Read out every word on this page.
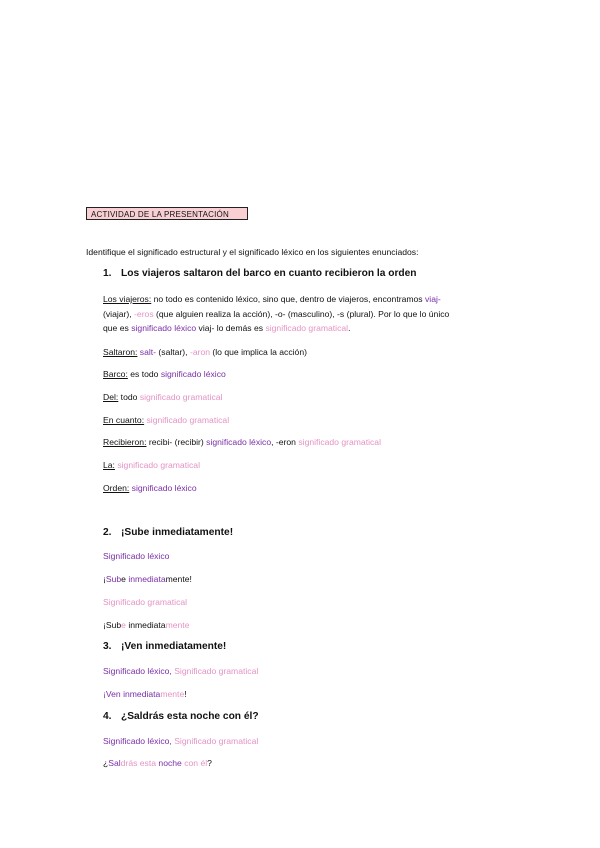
ACTIVIDAD DE LA PRESENTACIÓN
Identifique el significado estructural y el significado léxico en los siguientes enunciados:
1. Los viajeros saltaron del barco en cuanto recibieron la orden
Los viajeros: no todo es contenido léxico, sino que, dentro de viajeros, encontramos viaj-
(viajar), -eros (que alguien realiza la acción), -o- (masculino), -s (plural). Por lo que lo único
que es significado léxico viaj- lo demás es significado gramatical.
Saltaron: salt- (saltar), -aron (lo que implica la acción)
Barco: es todo significado léxico
Del: todo significado gramatical
En cuanto: significado gramatical
Recibieron: recibi- (recibir) significado léxico, -eron significado gramatical
La: significado gramatical
Orden: significado léxico
2. ¡Sube inmediatamente!
Significado léxico
¡Sube inmediatamente!
Significado gramatical
¡Sube inmediatamente
3. ¡Ven inmediatamente!
Significado léxico, Significado gramatical
¡Ven inmediatamente!
4. ¿Saldrás esta noche con él?
Significado léxico, Significado gramatical
¿Saldrás esta noche con él?
